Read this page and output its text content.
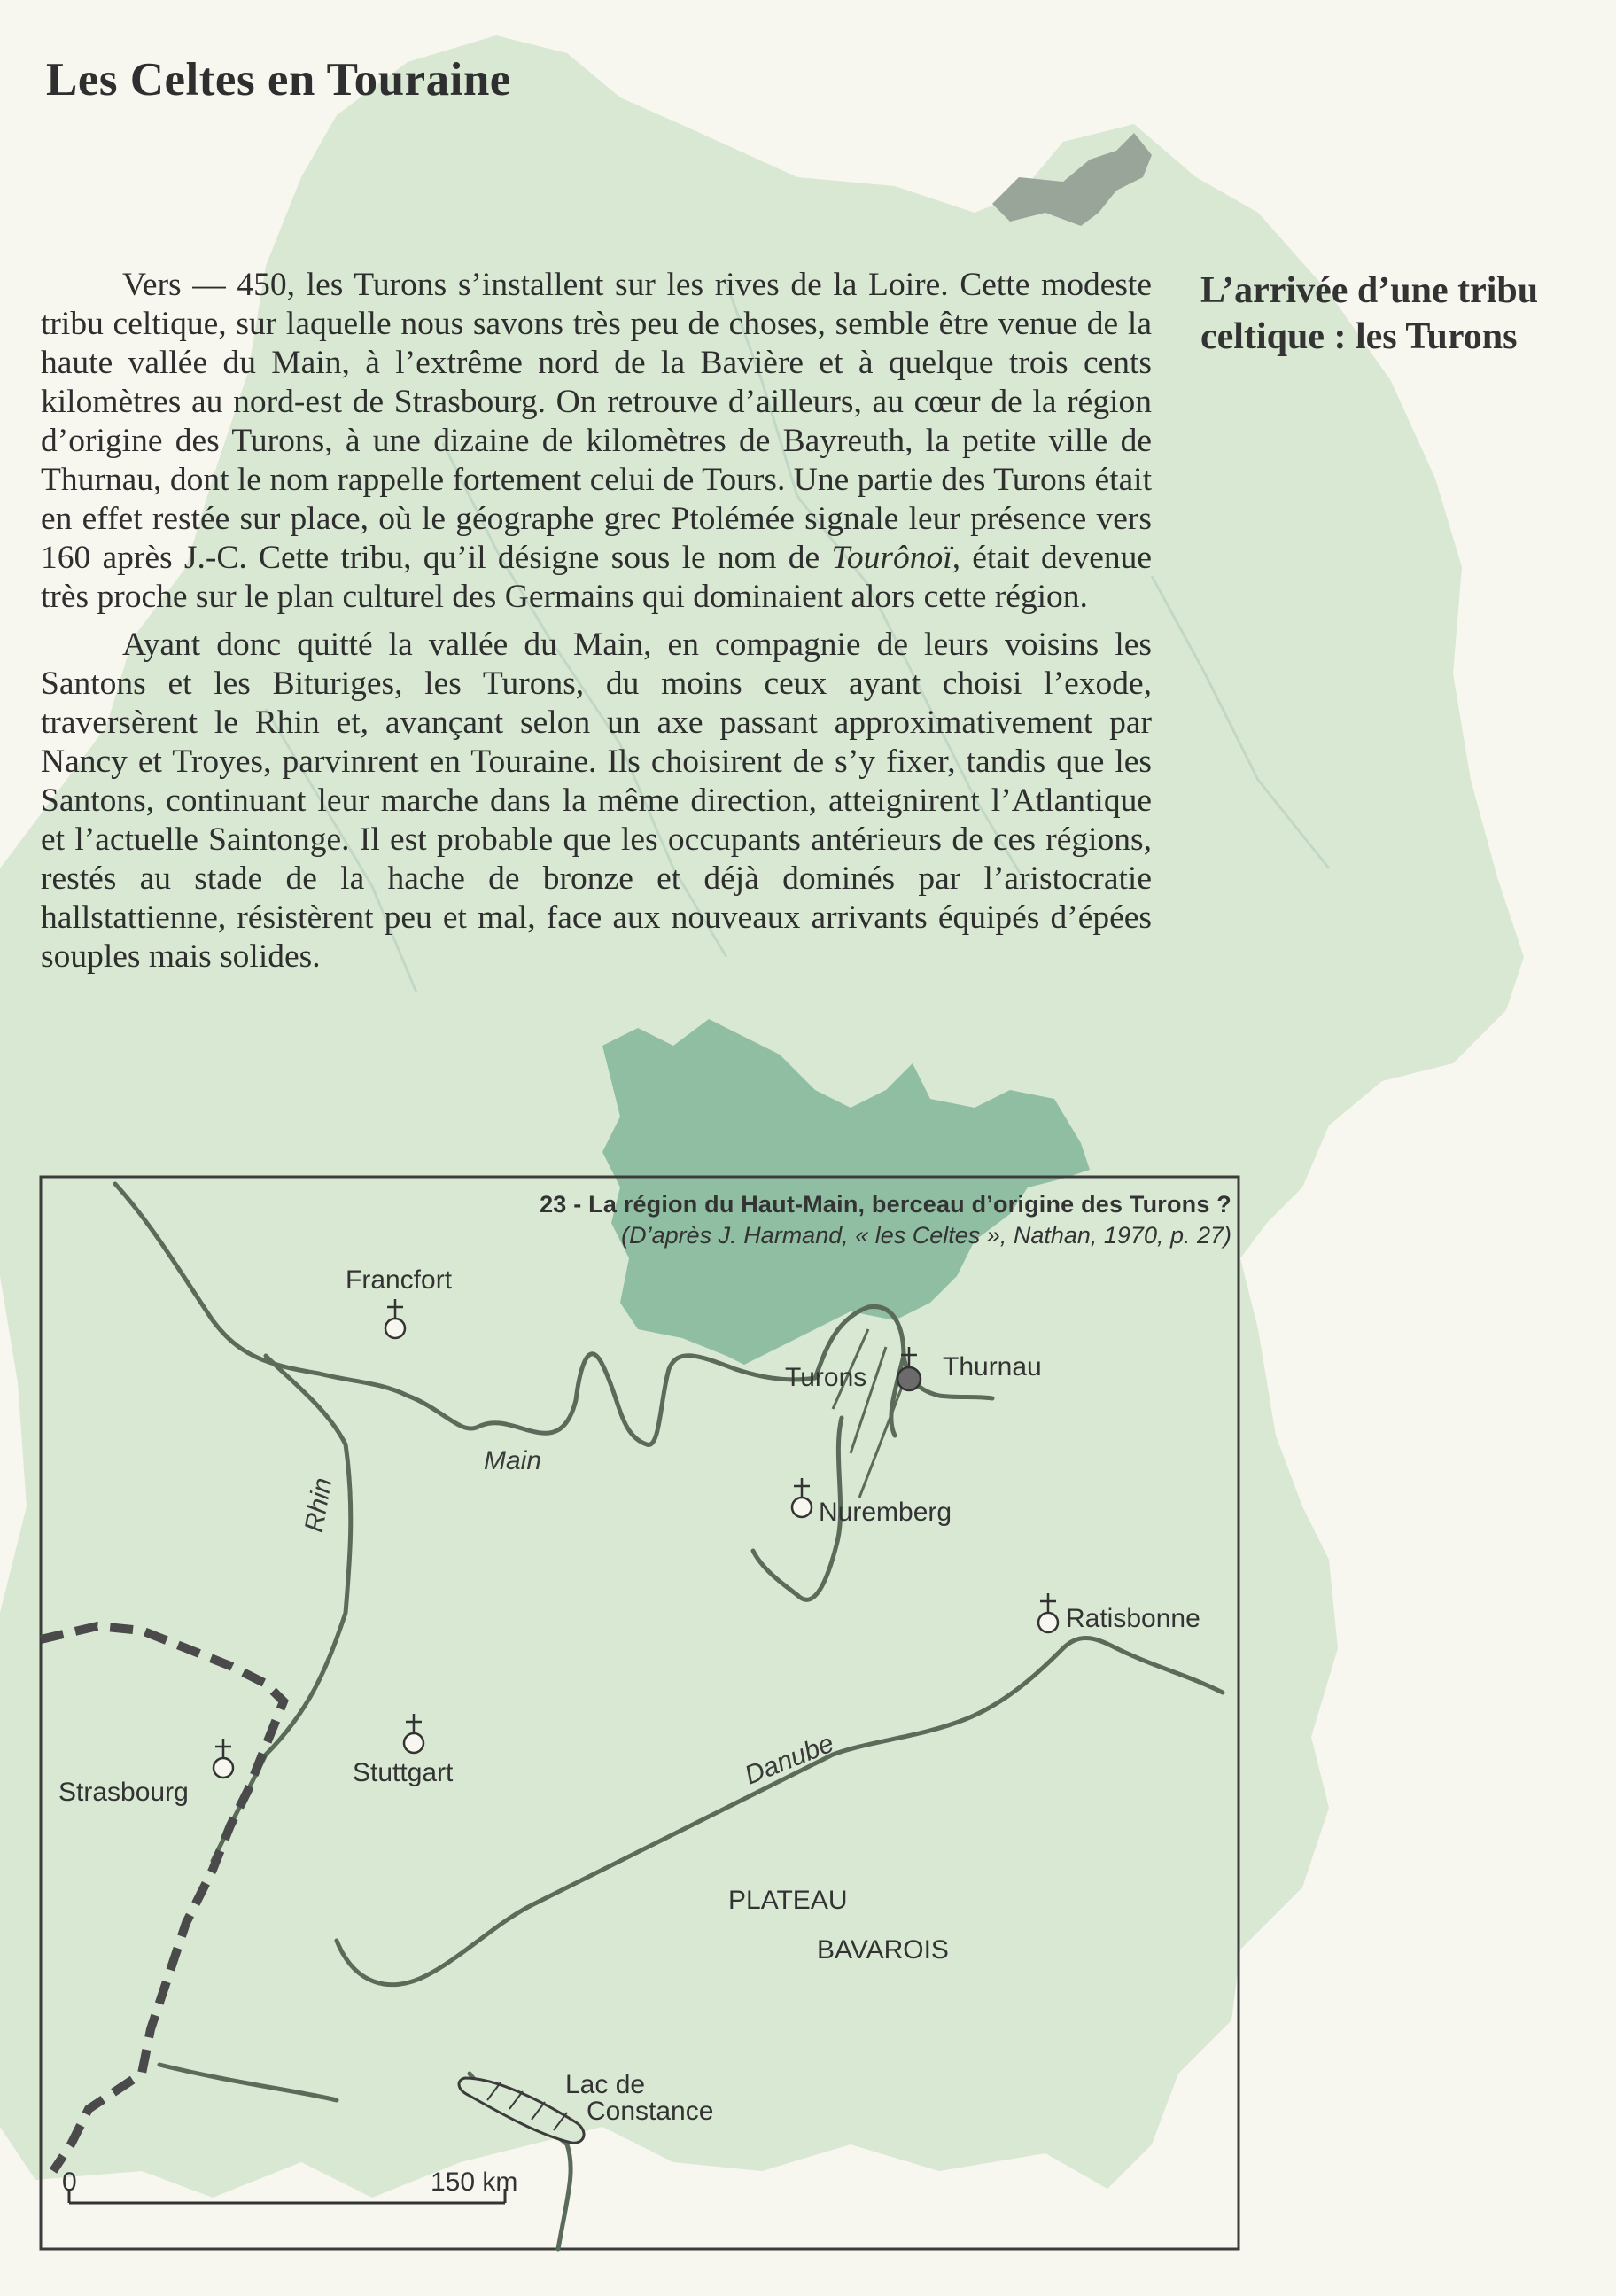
Les Celtes en Touraine
L’arrivée d’une tribu celtique : les Turons

Vers — 450, les Turons s’installent sur les rives de la Loire. Cette modeste tribu celtique, sur laquelle nous savons très peu de choses, semble être venue de la haute vallée du Main, à l’extrême nord de la Bavière et à quelque trois cents kilomètres au nord-est de Strasbourg. On retrouve d’ailleurs, au cœur de la région d’origine des Turons, à une dizaine de kilomètres de Bayreuth, la petite ville de Thurnau, dont le nom rappelle fortement celui de Tours. Une partie des Turons était en effet restée sur place, où le géographe grec Ptolémée signale leur présence vers 160 après J.-C. Cette tribu, qu’il désigne sous le nom de Tourônoï, était devenue très proche sur le plan culturel des Germains qui dominaient alors cette région.

Ayant donc quitté la vallée du Main, en compagnie de leurs voisins les Santons et les Bituriges, les Turons, du moins ceux ayant choisi l’exode, traversèrent le Rhin et, avançant selon un axe passant approximativement par Nancy et Troyes, parvinrent en Touraine. Ils choisirent de s’y fixer, tandis que les Santons, continuant leur marche dans la même direction, atteignirent l’Atlantique et l’actuelle Saintonge. Il est probable que les occupants antérieurs de ces régions, restés au stade de la hache de bronze et déjà dominés par l’aristocratie hallstattienne, résistèrent peu et mal, face aux nouveaux arrivants équipés d’épées souples mais solides.

23 - La région du Haut-Main, berceau d’origine des Turons ?
(D’après J. Harmand, « les Celtes », Nathan, 1970, p. 27)
Francfort
Thurnau
Turons
Nuremberg
Ratisbonne
Stuttgart
Strasbourg
Main
Rhin
Danube
PLATEAU
BAVAROIS
Lac de
Constance
0	150 km
